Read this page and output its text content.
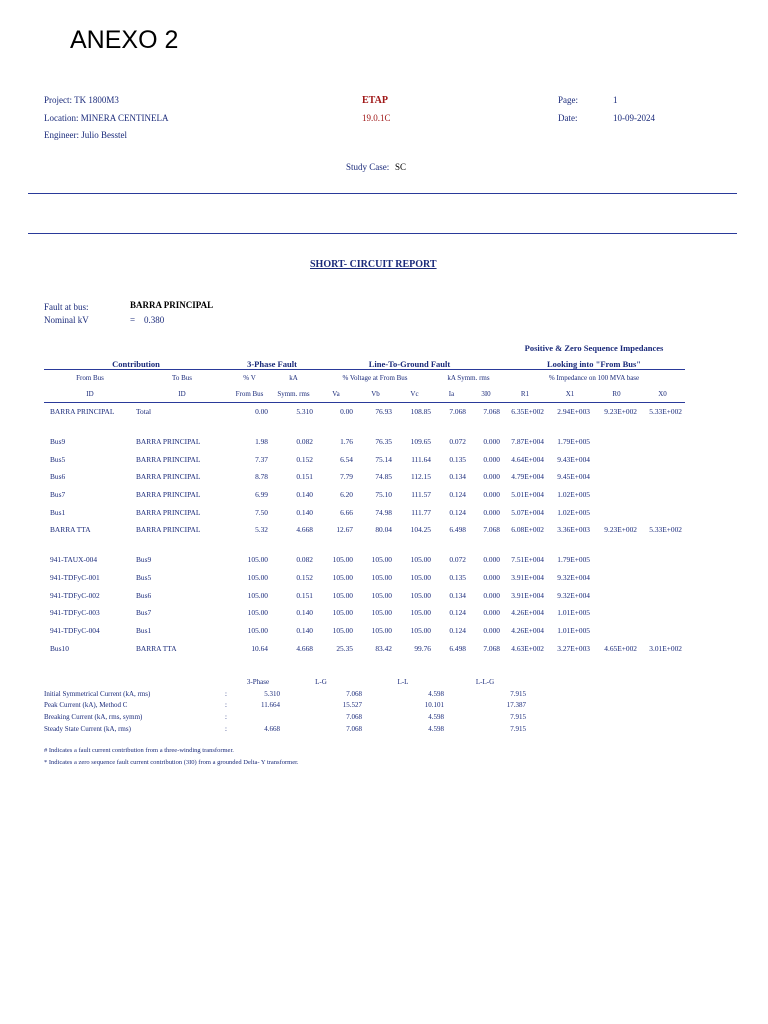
ANEXO 2
Project: TK 1800M3
Location: MINERA CENTINELA
Engineer: Julio Besstel
ETAP
19.0.1C
Page:	1
Date:	10-09-2024
Study Case: SC
SHORT- CIRCUIT REPORT
Fault at bus:	BARRA PRINCIPAL
Nominal kV	= 0.380
									Positive & Zero Sequence Impedances			
Contribution		3-Phase Fault		Line-To-Ground Fault					Looking into "From Bus"			
From Bus	To Bus	% V	kA	% Voltage at From Bus			kA Symm. rms		% Impedance on 100 MVA base			
ID	ID	From Bus	Symm. rms	Va	Vb	Vc	Ia	3I0	R1	X1	R0	X0
BARRA PRINCIPAL	Total	0.00	5.310	0.00	76.93	108.85	7.068	7.068	6.35E+002	2.94E+003	9.23E+002	5.33E+002

Bus9	BARRA PRINCIPAL	1.98	0.082	1.76	76.35	109.65	0.072	0.000	7.87E+004	1.79E+005		
Bus5	BARRA PRINCIPAL	7.37	0.152	6.54	75.14	111.64	0.135	0.000	4.64E+004	9.43E+004		
Bus6	BARRA PRINCIPAL	8.78	0.151	7.79	74.85	112.15	0.134	0.000	4.79E+004	9.45E+004		
Bus7	BARRA PRINCIPAL	6.99	0.140	6.20	75.10	111.57	0.124	0.000	5.01E+004	1.02E+005		
Bus1	BARRA PRINCIPAL	7.50	0.140	6.66	74.98	111.77	0.124	0.000	5.07E+004	1.02E+005		
BARRA TTA	BARRA PRINCIPAL	5.32	4.668	12.67	80.04	104.25	6.498	7.068	6.08E+002	3.36E+003	9.23E+002	5.33E+002

941-TAUX-004	Bus9	105.00	0.082	105.00	105.00	105.00	0.072	0.000	7.51E+004	1.79E+005		
941-TDFyC-001	Bus5	105.00	0.152	105.00	105.00	105.00	0.135	0.000	3.91E+004	9.32E+004		
941-TDFyC-002	Bus6	105.00	0.151	105.00	105.00	105.00	0.134	0.000	3.91E+004	9.32E+004		
941-TDFyC-003	Bus7	105.00	0.140	105.00	105.00	105.00	0.124	0.000	4.26E+004	1.01E+005		
941-TDFyC-004	Bus1	105.00	0.140	105.00	105.00	105.00	0.124	0.000	4.26E+004	1.01E+005		
Bus10	BARRA TTA	10.64	4.668	25.35	83.42	99.76	6.498	7.068	4.63E+002	3.27E+003	4.65E+002	3.01E+002
		3-Phase	L-G	L-L	L-L-G
Initial Symmetrical Current (kA, rms)	:	5.310	7.068	4.598	7.915
Peak Current (kA), Method C	:	11.664	15.527	10.101	17.387
Breaking Current (kA, rms, symm)	:		7.068	4.598	7.915
Steady State Current (kA, rms)	:	4.668	7.068	4.598	7.915
# Indicates a fault current contribution from a three-winding transformer.
* Indicates a zero sequence fault current contribution (3I0) from a grounded Delta- Y transformer.
